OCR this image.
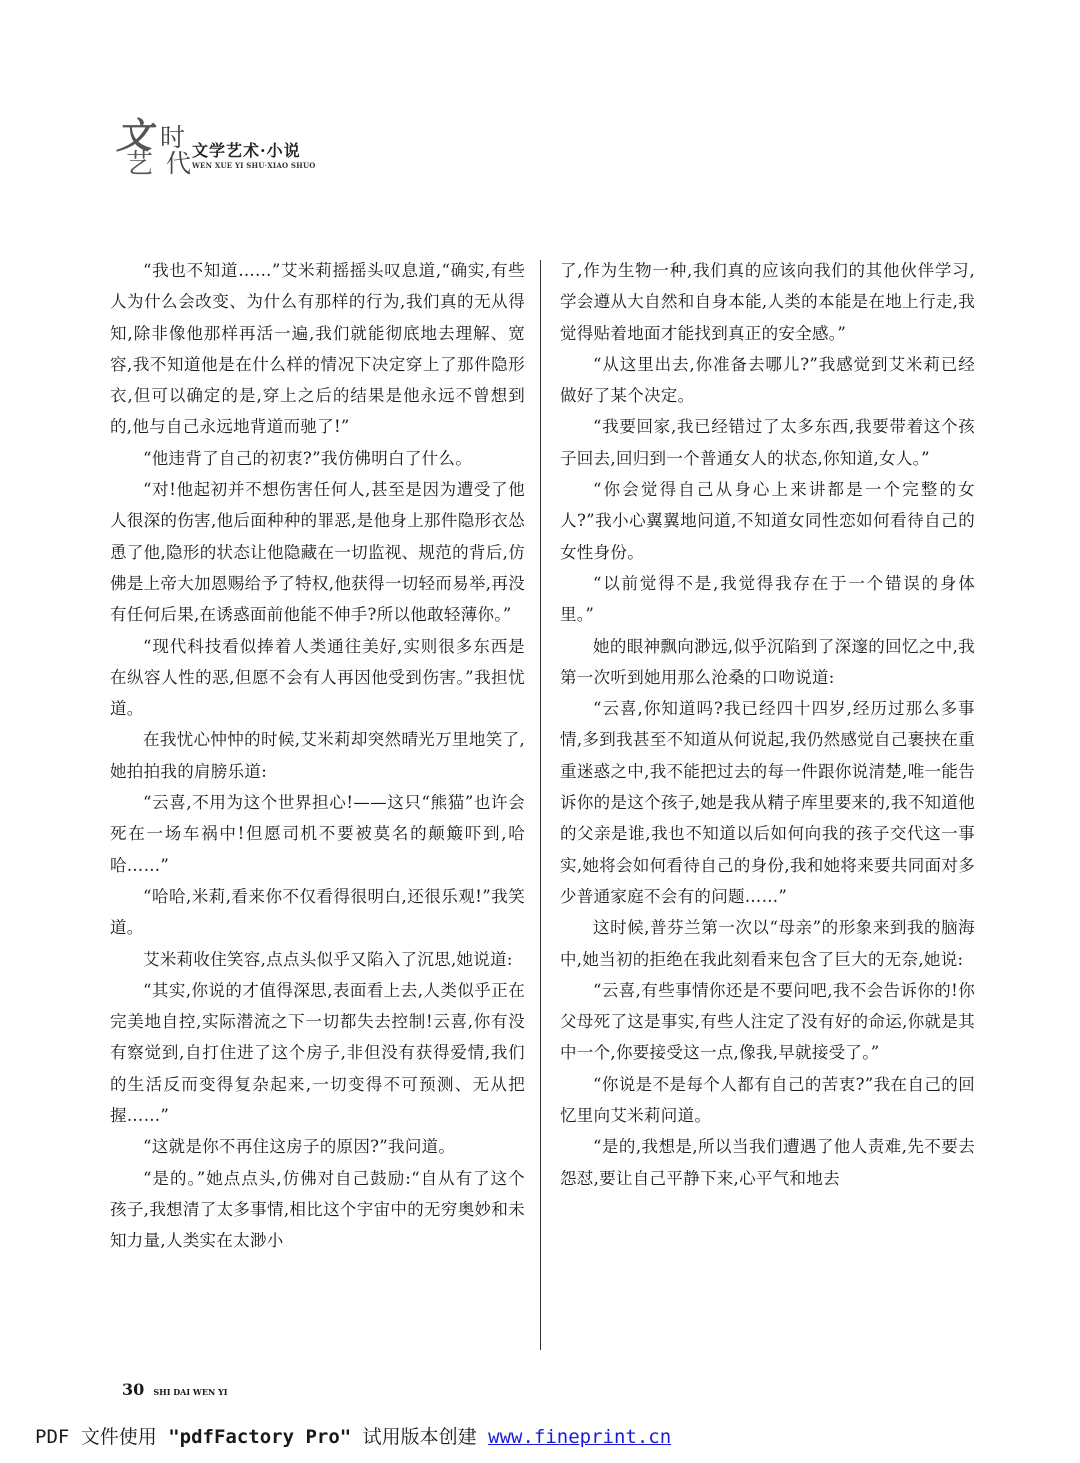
文 时
艺 代 文学艺术·小说
WEN XUE YI SHU·XIAO SHUO

“我也不知道……”艾米莉摇摇头叹息道,“确实,有些人为什么会改变、为什么有那样的行为,我们真的无从得知,除非像他那样再活一遍,我们就能彻底地去理解、宽容,我不知道他是在什么样的情况下决定穿上了那件隐形衣,但可以确定的是,穿上之后的结果是他永远不曾想到的,他与自己永远地背道而驰了!”

“他违背了自己的初衷?”我仿佛明白了什么。

“对!他起初并不想伤害任何人,甚至是因为遭受了他人很深的伤害,他后面种种的罪恶,是他身上那件隐形衣怂恿了他,隐形的状态让他隐藏在一切监视、规范的背后,仿佛是上帝大加恩赐给予了特权,他获得一切轻而易举,再没有任何后果,在诱惑面前他能不伸手?所以他敢轻薄你。”

“现代科技看似捧着人类通往美好,实则很多东西是在纵容人性的恶,但愿不会有人再因他受到伤害。”我担忧道。

在我忧心忡忡的时候,艾米莉却突然晴光万里地笑了,她拍拍我的肩膀乐道:

“云喜,不用为这个世界担心!——这只“熊猫”也许会死在一场车祸中!但愿司机不要被莫名的颠簸吓到,哈哈……”

“哈哈,米莉,看来你不仅看得很明白,还很乐观!”我笑道。

艾米莉收住笑容,点点头似乎又陷入了沉思,她说道:

“其实,你说的才值得深思,表面看上去,人类似乎正在完美地自控,实际潜流之下一切都失去控制!云喜,你有没有察觉到,自打住进了这个房子,非但没有获得爱情,我们的生活反而变得复杂起来,一切变得不可预测、无从把握……”

“这就是你不再住这房子的原因?”我问道。

“是的。”她点点头,仿佛对自己鼓励:“自从有了这个孩子,我想清了太多事情,相比这个宇宙中的无穷奥妙和未知力量,人类实在太渺小

了,作为生物一种,我们真的应该向我们的其他伙伴学习,学会遵从大自然和自身本能,人类的本能是在地上行走,我觉得贴着地面才能找到真正的安全感。”

“从这里出去,你准备去哪儿?”我感觉到艾米莉已经做好了某个决定。

“我要回家,我已经错过了太多东西,我要带着这个孩子回去,回归到一个普通女人的状态,你知道,女人。”

“你会觉得自己从身心上来讲都是一个完整的女人?”我小心翼翼地问道,不知道女同性恋如何看待自己的女性身份。

“以前觉得不是,我觉得我存在于一个错误的身体里。”

她的眼神飘向渺远,似乎沉陷到了深邃的回忆之中,我第一次听到她用那么沧桑的口吻说道:

“云喜,你知道吗?我已经四十四岁,经历过那么多事情,多到我甚至不知道从何说起,我仍然感觉自己裹挟在重重迷惑之中,我不能把过去的每一件跟你说清楚,唯一能告诉你的是这个孩子,她是我从精子库里要来的,我不知道他的父亲是谁,我也不知道以后如何向我的孩子交代这一事实,她将会如何看待自己的身份,我和她将来要共同面对多少普通家庭不会有的问题……”

这时候,普芬兰第一次以“母亲”的形象来到我的脑海中,她当初的拒绝在我此刻看来包含了巨大的无奈,她说:

“云喜,有些事情你还是不要问吧,我不会告诉你的!你父母死了这是事实,有些人注定了没有好的命运,你就是其中一个,你要接受这一点,像我,早就接受了。”

“你说是不是每个人都有自己的苦衷?”我在自己的回忆里向艾米莉问道。

“是的,我想是,所以当我们遭遇了他人责难,先不要去怨怼,要让自己平静下来,心平气和地去

30 SHI DAI WEN YI
PDF 文件使用 "pdfFactory Pro" 试用版本创建 www.fineprint.cn
